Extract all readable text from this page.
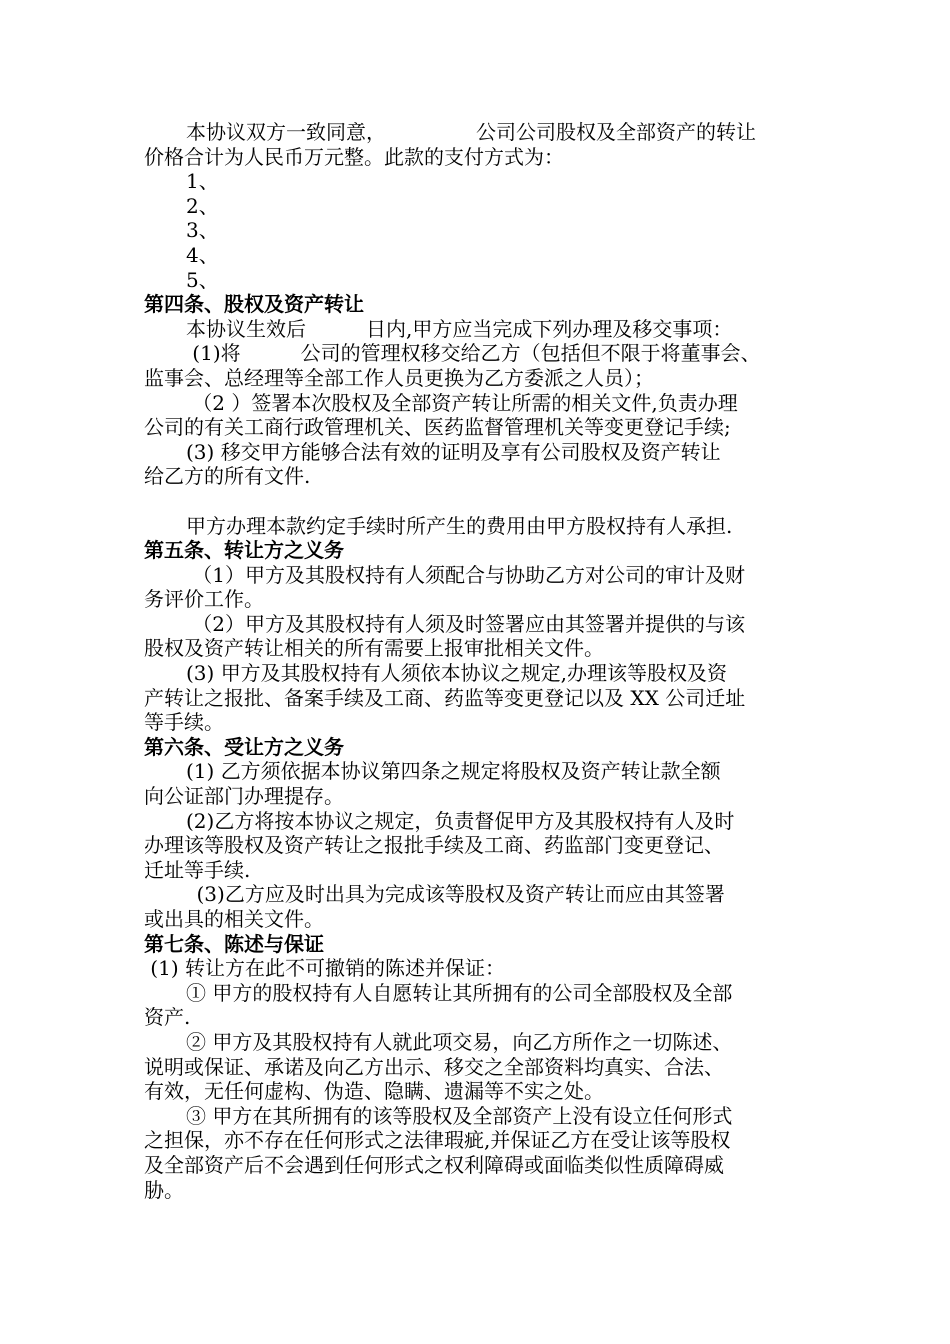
本协议双方一致同意，　　　　　公司公司股权及全部资产的转让
价格合计为人民币万元整。此款的支付方式为：
1、
2、
3、
4、
5、
第四条、股权及资产转让
本协议生效后　　　日内,甲方应当完成下列办理及移交事项：
(1)将　　　公司的管理权移交给乙方（包括但不限于将董事会、
监事会、总经理等全部工作人员更换为乙方委派之人员）；
（2 ）签署本次股权及全部资产转让所需的相关文件,负责办理
公司的有关工商行政管理机关、医药监督管理机关等变更登记手续;
(3) 移交甲方能够合法有效的证明及享有公司股权及资产转让
给乙方的所有文件.
甲方办理本款约定手续时所产生的费用由甲方股权持有人承担.
第五条、转让方之义务
（1）甲方及其股权持有人须配合与协助乙方对公司的审计及财
务评价工作。
（2）甲方及其股权持有人须及时签署应由其签署并提供的与该
股权及资产转让相关的所有需要上报审批相关文件。
(3) 甲方及其股权持有人须依本协议之规定,办理该等股权及资
产转让之报批、备案手续及工商、药监等变更登记以及 XX 公司迁址
等手续。
第六条、受让方之义务
(1) 乙方须依据本协议第四条之规定将股权及资产转让款全额
向公证部门办理提存。
(2)乙方将按本协议之规定，负责督促甲方及其股权持有人及时
办理该等股权及资产转让之报批手续及工商、药监部门变更登记、
迁址等手续.
(3)乙方应及时出具为完成该等股权及资产转让而应由其签署
或出具的相关文件。
第七条、陈述与保证
(1) 转让方在此不可撤销的陈述并保证：
① 甲方的股权持有人自愿转让其所拥有的公司全部股权及全部
资产.
② 甲方及其股权持有人就此项交易，向乙方所作之一切陈述、
说明或保证、承诺及向乙方出示、移交之全部资料均真实、合法、
有效，无任何虚构、伪造、隐瞒、遗漏等不实之处。
③ 甲方在其所拥有的该等股权及全部资产上没有设立任何形式
之担保，亦不存在任何形式之法律瑕疵,并保证乙方在受让该等股权
及全部资产后不会遇到任何形式之权利障碍或面临类似性质障碍威
胁。
